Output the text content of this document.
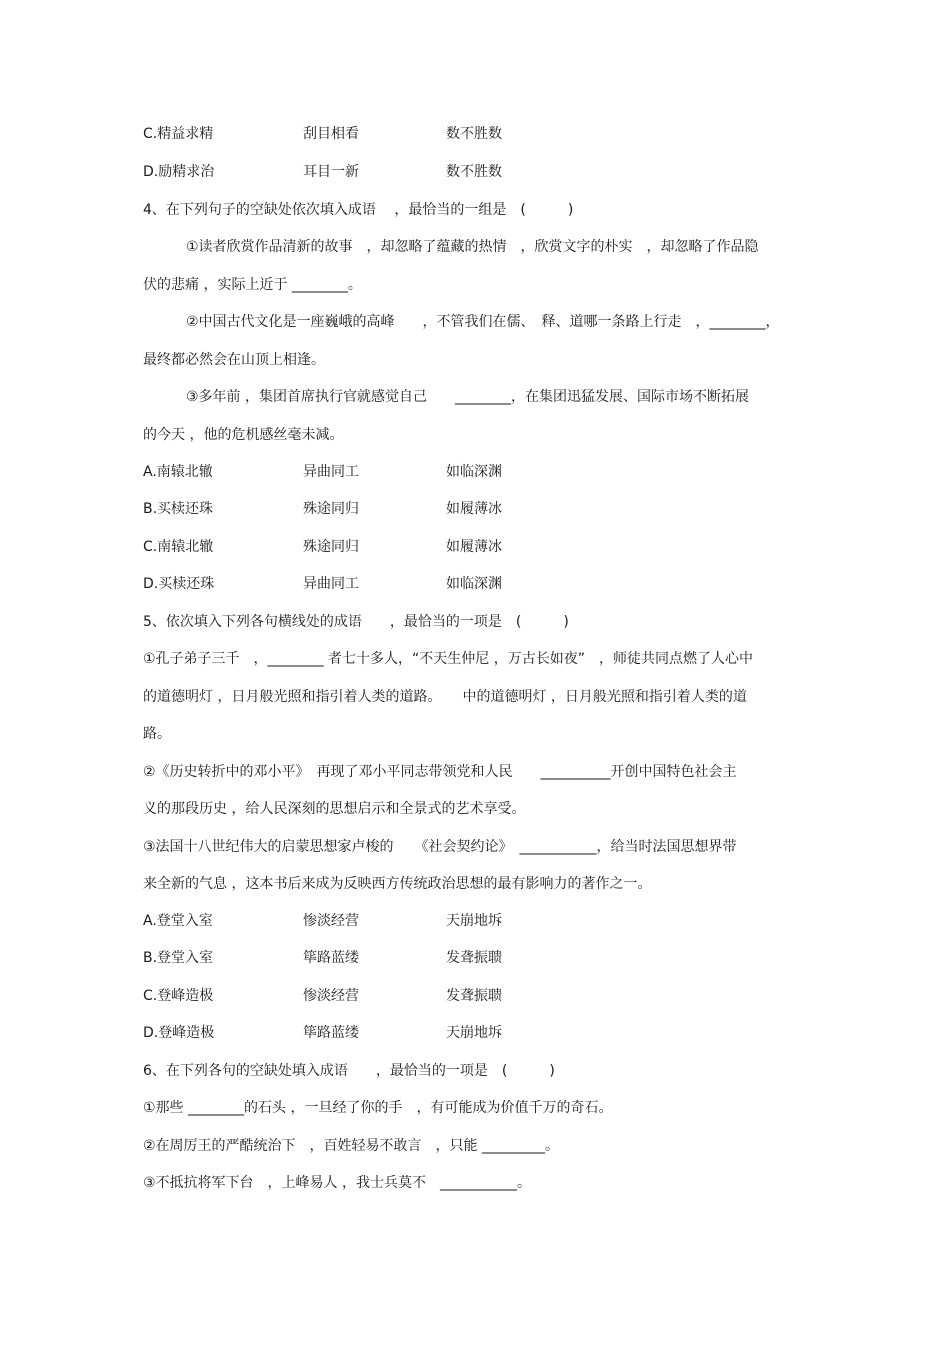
C.精益求精	刮目相看	数不胜数
D.励精求治	耳目一新	数不胜数
4、在下列句子的空缺处依次填入成语　 ，最恰当的一组是　(　　　)
①读者欣赏作品清新的故事　，却忽略了蕴藏的热情　，欣赏文字的朴实　，却忽略了作品隐
伏的悲痛 ，实际上近于 ________。
②中国古代文化是一座巍峨的高峰　　，不管我们在儒、　释、道哪一条路上行走　，________，
最终都必然会在山顶上相逢。
③多年前 ，集团首席执行官就感觉自己　　________，在集团迅猛发展、国际市场不断拓展
的今天 ，他的危机感丝毫未减。
A.南辕北辙	异曲同工	如临深渊
B.买椟还珠	殊途同归	如履薄冰
C.南辕北辙	殊途同归	如履薄冰
D.买椟还珠	异曲同工	如临深渊
5、依次填入下列各句横线处的成语　　，最恰当的一项是　(　　　)
①孔子弟子三千　，________ 者七十多人，“不天生仲尼 ，万古长如夜”　，师徒共同点燃了人心中
的道德明灯 ，日月般光照和指引着人类的道路。　　中的道德明灯 ，日月般光照和指引着人类的道
路。
②《历史转折中的邓小平》　再现了邓小平同志带领党和人民　　__________开创中国特色社会主
义的那段历史 ，给人民深刻的思想启示和全景式的艺术享受。
③法国十八世纪伟大的启蒙思想家卢梭的　　《社会契约论》　___________，给当时法国思想界带
来全新的气息 ，这本书后来成为反映西方传统政治思想的最有影响力的著作之一。
A.登堂入室	惨淡经营	天崩地坼
B.登堂入室	筚路蓝缕	发聋振聩
C.登峰造极	惨淡经营	发聋振聩
D.登峰造极	筚路蓝缕	天崩地坼
6、在下列各句的空缺处填入成语　　，最恰当的一项是　(　　　)
①那些 ________的石头 ，一旦经了你的手　，有可能成为价值千万的奇石。
②在周厉王的严酷统治下　，百姓轻易不敢言　，只能 _________。
③不抵抗将军下台　，上峰易人 ，我士兵莫不　___________。
